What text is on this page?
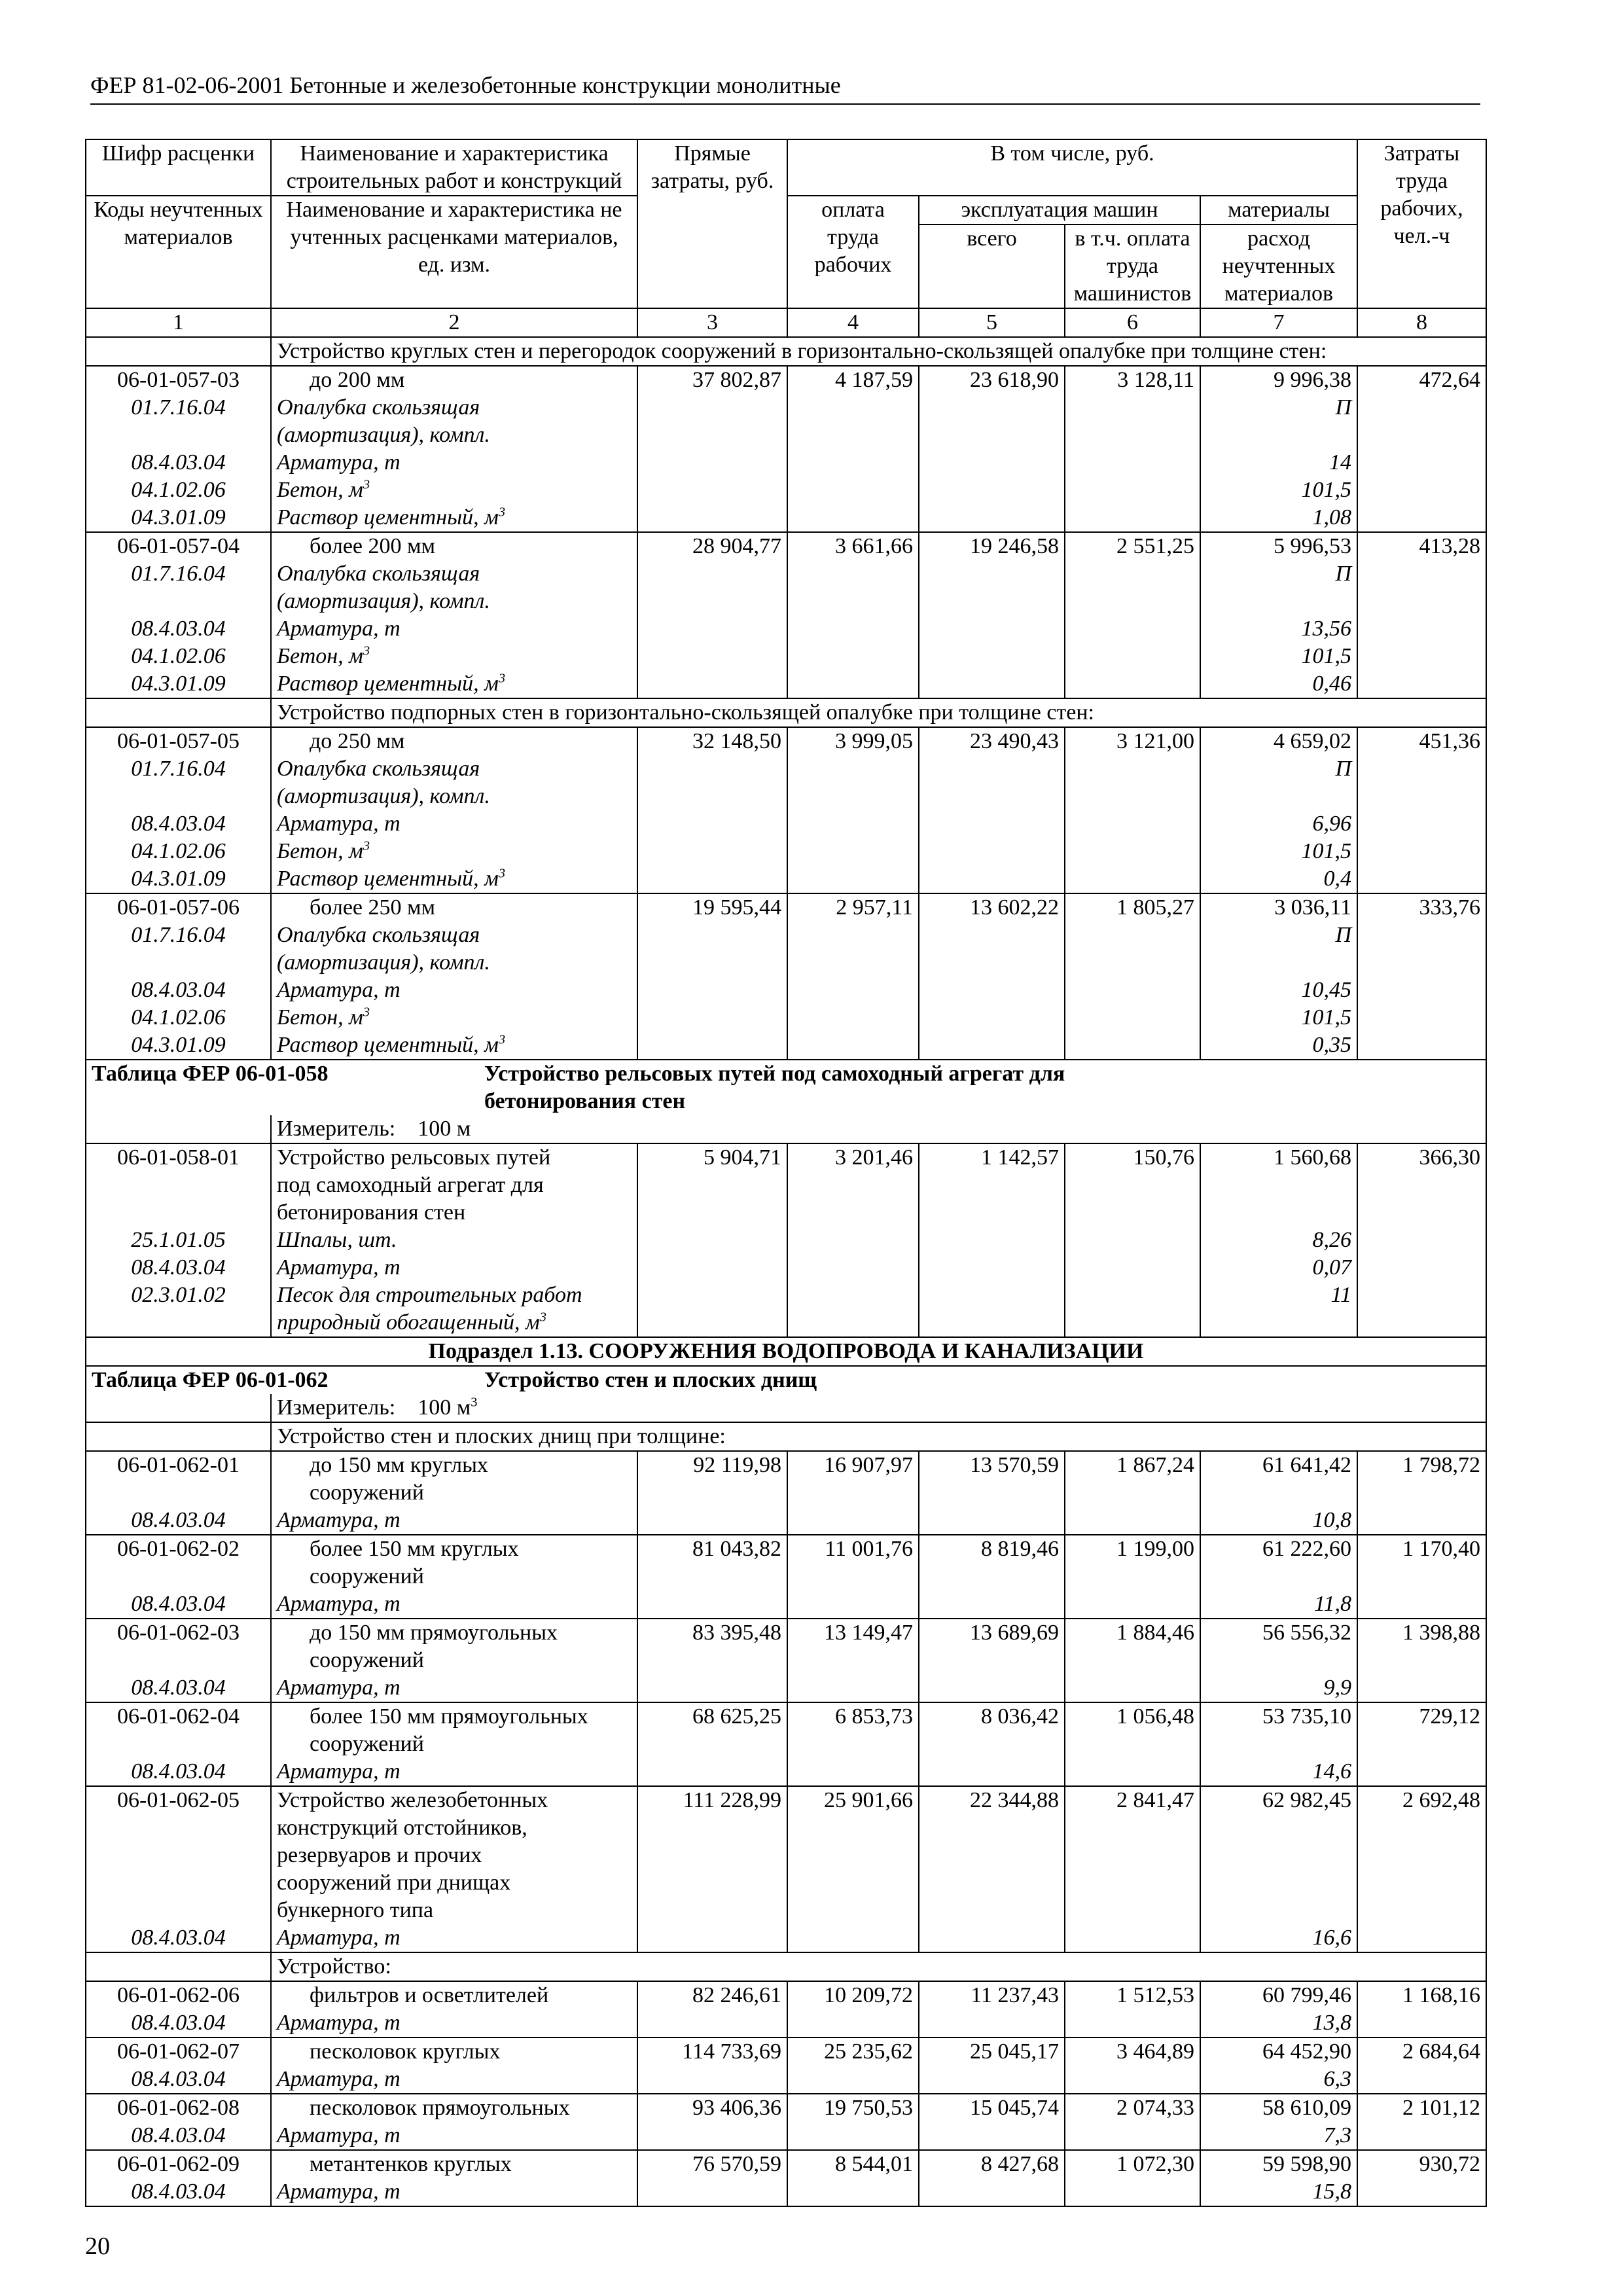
ФЕР 81-02-06-2001 Бетонные и железобетонные конструкции монолитные
Шифр расценки	Наименование и характеристика строительных работ и конструкций	Прямые затраты, руб.	В том числе, руб.				Затраты труда рабочих, чел.-ч
Коды неучтенных материалов	Наименование и характеристика не учтенных расценками материалов, ед. изм.		оплата труда рабочих	эксплуатация машин		материалы	
				всего	в т.ч. оплата труда машинистов	расход неучтенных материалов	

1	2	3	4	5	6	7	8
	Устройство круглых стен и перегородок сооружений в горизонтально-скользящей опалубке при толщине стен:						
06-01-057-03	до 200 мм	37 802,87	4 187,59	23 618,90	3 128,11	9 996,38	472,64
01.7.16.04	Опалубка скользящая					П	
	(амортизация), компл.						
08.4.03.04	Арматура, т					14	
04.1.02.06	Бетон, $м^3$					101,5	
04.3.01.09	Раствор цементный, $м^3$					1,08	
06-01-057-04	более 200 мм	28 904,77	3 661,66	19 246,58	2 551,25	5 996,53	413,28
01.7.16.04	Опалубка скользящая					П	
	(амортизация), компл.						
08.4.03.04	Арматура, т					13,56	
04.1.02.06	Бетон, $м^3$					101,5	
04.3.01.09	Раствор цементный, $м^3$					0,46	
	Устройство подпорных стен в горизонтально-скользящей опалубке при толщине стен:						
06-01-057-05	до 250 мм	32 148,50	3 999,05	23 490,43	3 121,00	4 659,02	451,36
01.7.16.04	Опалубка скользящая					П	
	(амортизация), компл.						
08.4.03.04	Арматура, т					6,96	
04.1.02.06	Бетон, $м^3$					101,5	
04.3.01.09	Раствор цементный, $м^3$					0,4	
06-01-057-06	более 250 мм	19 595,44	2 957,11	13 602,22	1 805,27	3 036,11	333,76
01.7.16.04	Опалубка скользящая					П	
	(амортизация), компл.						
08.4.03.04	Арматура, т					10,45	
04.1.02.06	Бетон, $м^3$					101,5	
04.3.01.09	Раствор цементный, $м^3$					0,35	
Таблица ФЕР 06-01-058 Устройство рельсовых путей под самоходный агрегат для							
бетонирования стен							
	Измеритель: 100 м						
06-01-058-01	Устройство рельсовых путей	5 904,71	3 201,46	1 142,57	150,76	1 560,68	366,30
	под самоходный агрегат для						
	бетонирования стен						
25.1.01.05	Шпалы, шт.					8,26	
08.4.03.04	Арматура, т					0,07	
02.3.01.02	Песок для строительных работ					11	
	природный обогащенный, $м^3$						
Подраздел 1.13. СООРУЖЕНИЯ ВОДОПРОВОДА И КАНАЛИЗАЦИИ							
Таблица ФЕР 06-01-062 Устройство стен и плоских днищ							
	Измеритель: 100 $м^3$
	Устройство стен и плоских днищ при толщине:						
06-01-062-01	до 150 мм круглых	92 119,98	16 907,97	13 570,59	1 867,24	61 641,42	1 798,72
	сооружений						
08.4.03.04	Арматура, т					10,8	
06-01-062-02	более 150 мм круглых	81 043,82	11 001,76	8 819,46	1 199,00	61 222,60	1 170,40
	сооружений						
08.4.03.04	Арматура, т					11,8	
06-01-062-03	до 150 мм прямоугольных	83 395,48	13 149,47	13 689,69	1 884,46	56 556,32	1 398,88
	сооружений						
08.4.03.04	Арматура, т					9,9	
06-01-062-04	более 150 мм прямоугольных	68 625,25	6 853,73	8 036,42	1 056,48	53 735,10	729,12
	сооружений						
08.4.03.04	Арматура, т					14,6	
06-01-062-05	Устройство железобетонных	111 228,99	25 901,66	22 344,88	2 841,47	62 982,45	2 692,48
	конструкций отстойников,						
	резервуаров и прочих						
	сооружений при днищах						
	бункерного типа						
08.4.03.04	Арматура, т					16,6	
	Устройство:						
06-01-062-06	фильтров и осветлителей	82 246,61	10 209,72	11 237,43	1 512,53	60 799,46	1 168,16
08.4.03.04	Арматура, т					13,8	
06-01-062-07	песколовок круглых	114 733,69	25 235,62	25 045,17	3 464,89	64 452,90	2 684,64
08.4.03.04	Арматура, т					6,3	
06-01-062-08	песколовок прямоугольных	93 406,36	19 750,53	15 045,74	2 074,33	58 610,09	2 101,12
08.4.03.04	Арматура, т					7,3	
06-01-062-09	метантенков круглых	76 570,59	8 544,01	8 427,68	1 072,30	59 598,90	930,72
08.4.03.04	Арматура, т					15,8	
20
